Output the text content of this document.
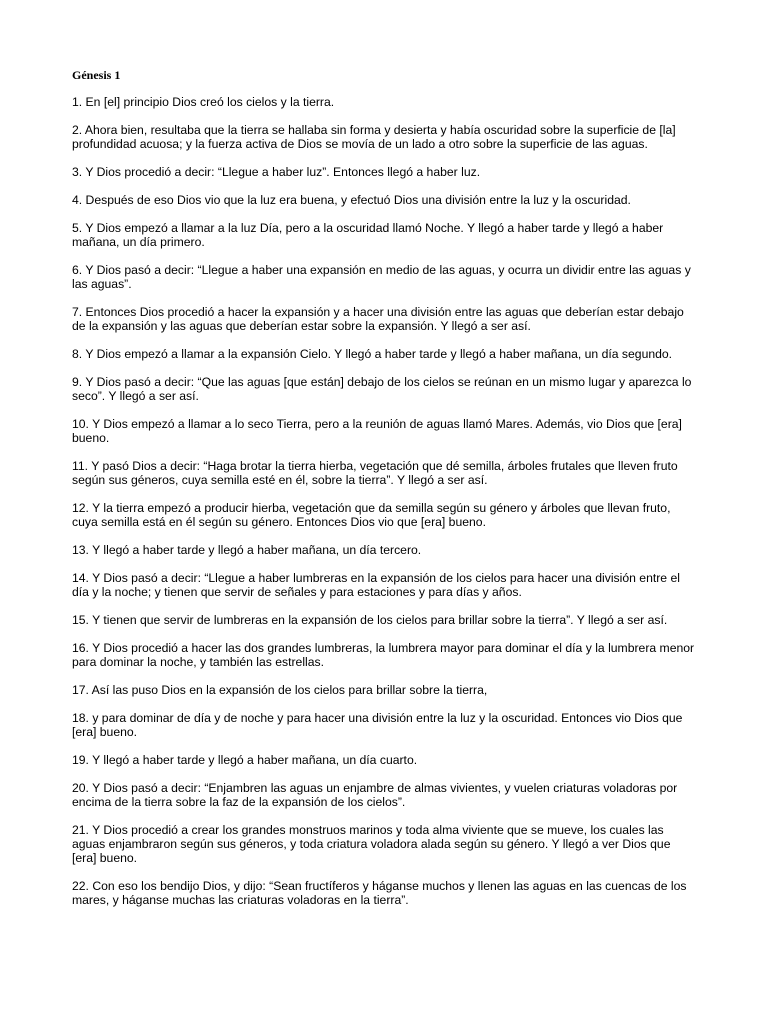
Génesis 1
1. En [el] principio Dios creó los cielos y la tierra.
2. Ahora bien, resultaba que la tierra se hallaba sin forma y desierta y había oscuridad sobre la superficie de [la] profundidad acuosa; y la fuerza activa de Dios se movía de un lado a otro sobre la superficie de las aguas.
3. Y Dios procedió a decir: “Llegue a haber luz”. Entonces llegó a haber luz.
4. Después de eso Dios vio que la luz era buena, y efectuó Dios una división entre la luz y la oscuridad.
5. Y Dios empezó a llamar a la luz Día, pero a la oscuridad llamó Noche. Y llegó a haber tarde y llegó a haber mañana, un día primero.
6. Y Dios pasó a decir: “Llegue a haber una expansión en medio de las aguas, y ocurra un dividir entre las aguas y las aguas”.
7. Entonces Dios procedió a hacer la expansión y a hacer una división entre las aguas que deberían estar debajo de la expansión y las aguas que deberían estar sobre la expansión. Y llegó a ser así.
8. Y Dios empezó a llamar a la expansión Cielo. Y llegó a haber tarde y llegó a haber mañana, un día segundo.
9. Y Dios pasó a decir: “Que las aguas [que están] debajo de los cielos se reúnan en un mismo lugar y aparezca lo seco”. Y llegó a ser así.
10. Y Dios empezó a llamar a lo seco Tierra, pero a la reunión de aguas llamó Mares. Además, vio Dios que [era] bueno.
11. Y pasó Dios a decir: “Haga brotar la tierra hierba, vegetación que dé semilla, árboles frutales que lleven fruto según sus géneros, cuya semilla esté en él, sobre la tierra”. Y llegó a ser así.
12. Y la tierra empezó a producir hierba, vegetación que da semilla según su género y árboles que llevan fruto, cuya semilla está en él según su género. Entonces Dios vio que [era] bueno.
13. Y llegó a haber tarde y llegó a haber mañana, un día tercero.
14. Y Dios pasó a decir: “Llegue a haber lumbreras en la expansión de los cielos para hacer una división entre el día y la noche; y tienen que servir de señales y para estaciones y para días y años.
15. Y tienen que servir de lumbreras en la expansión de los cielos para brillar sobre la tierra”. Y llegó a ser así.
16. Y Dios procedió a hacer las dos grandes lumbreras, la lumbrera mayor para dominar el día y la lumbrera menor para dominar la noche, y también las estrellas.
17. Así las puso Dios en la expansión de los cielos para brillar sobre la tierra,
18. y para dominar de día y de noche y para hacer una división entre la luz y la oscuridad. Entonces vio Dios que [era] bueno.
19. Y llegó a haber tarde y llegó a haber mañana, un día cuarto.
20. Y Dios pasó a decir: “Enjambren las aguas un enjambre de almas vivientes, y vuelen criaturas voladoras por encima de la tierra sobre la faz de la expansión de los cielos”.
21. Y Dios procedió a crear los grandes monstruos marinos y toda alma viviente que se mueve, los cuales las aguas enjambraron según sus géneros, y toda criatura voladora alada según su género. Y llegó a ver Dios que [era] bueno.
22. Con eso los bendijo Dios, y dijo: “Sean fructíferos y háganse muchos y llenen las aguas en las cuencas de los mares, y háganse muchas las criaturas voladoras en la tierra”.
